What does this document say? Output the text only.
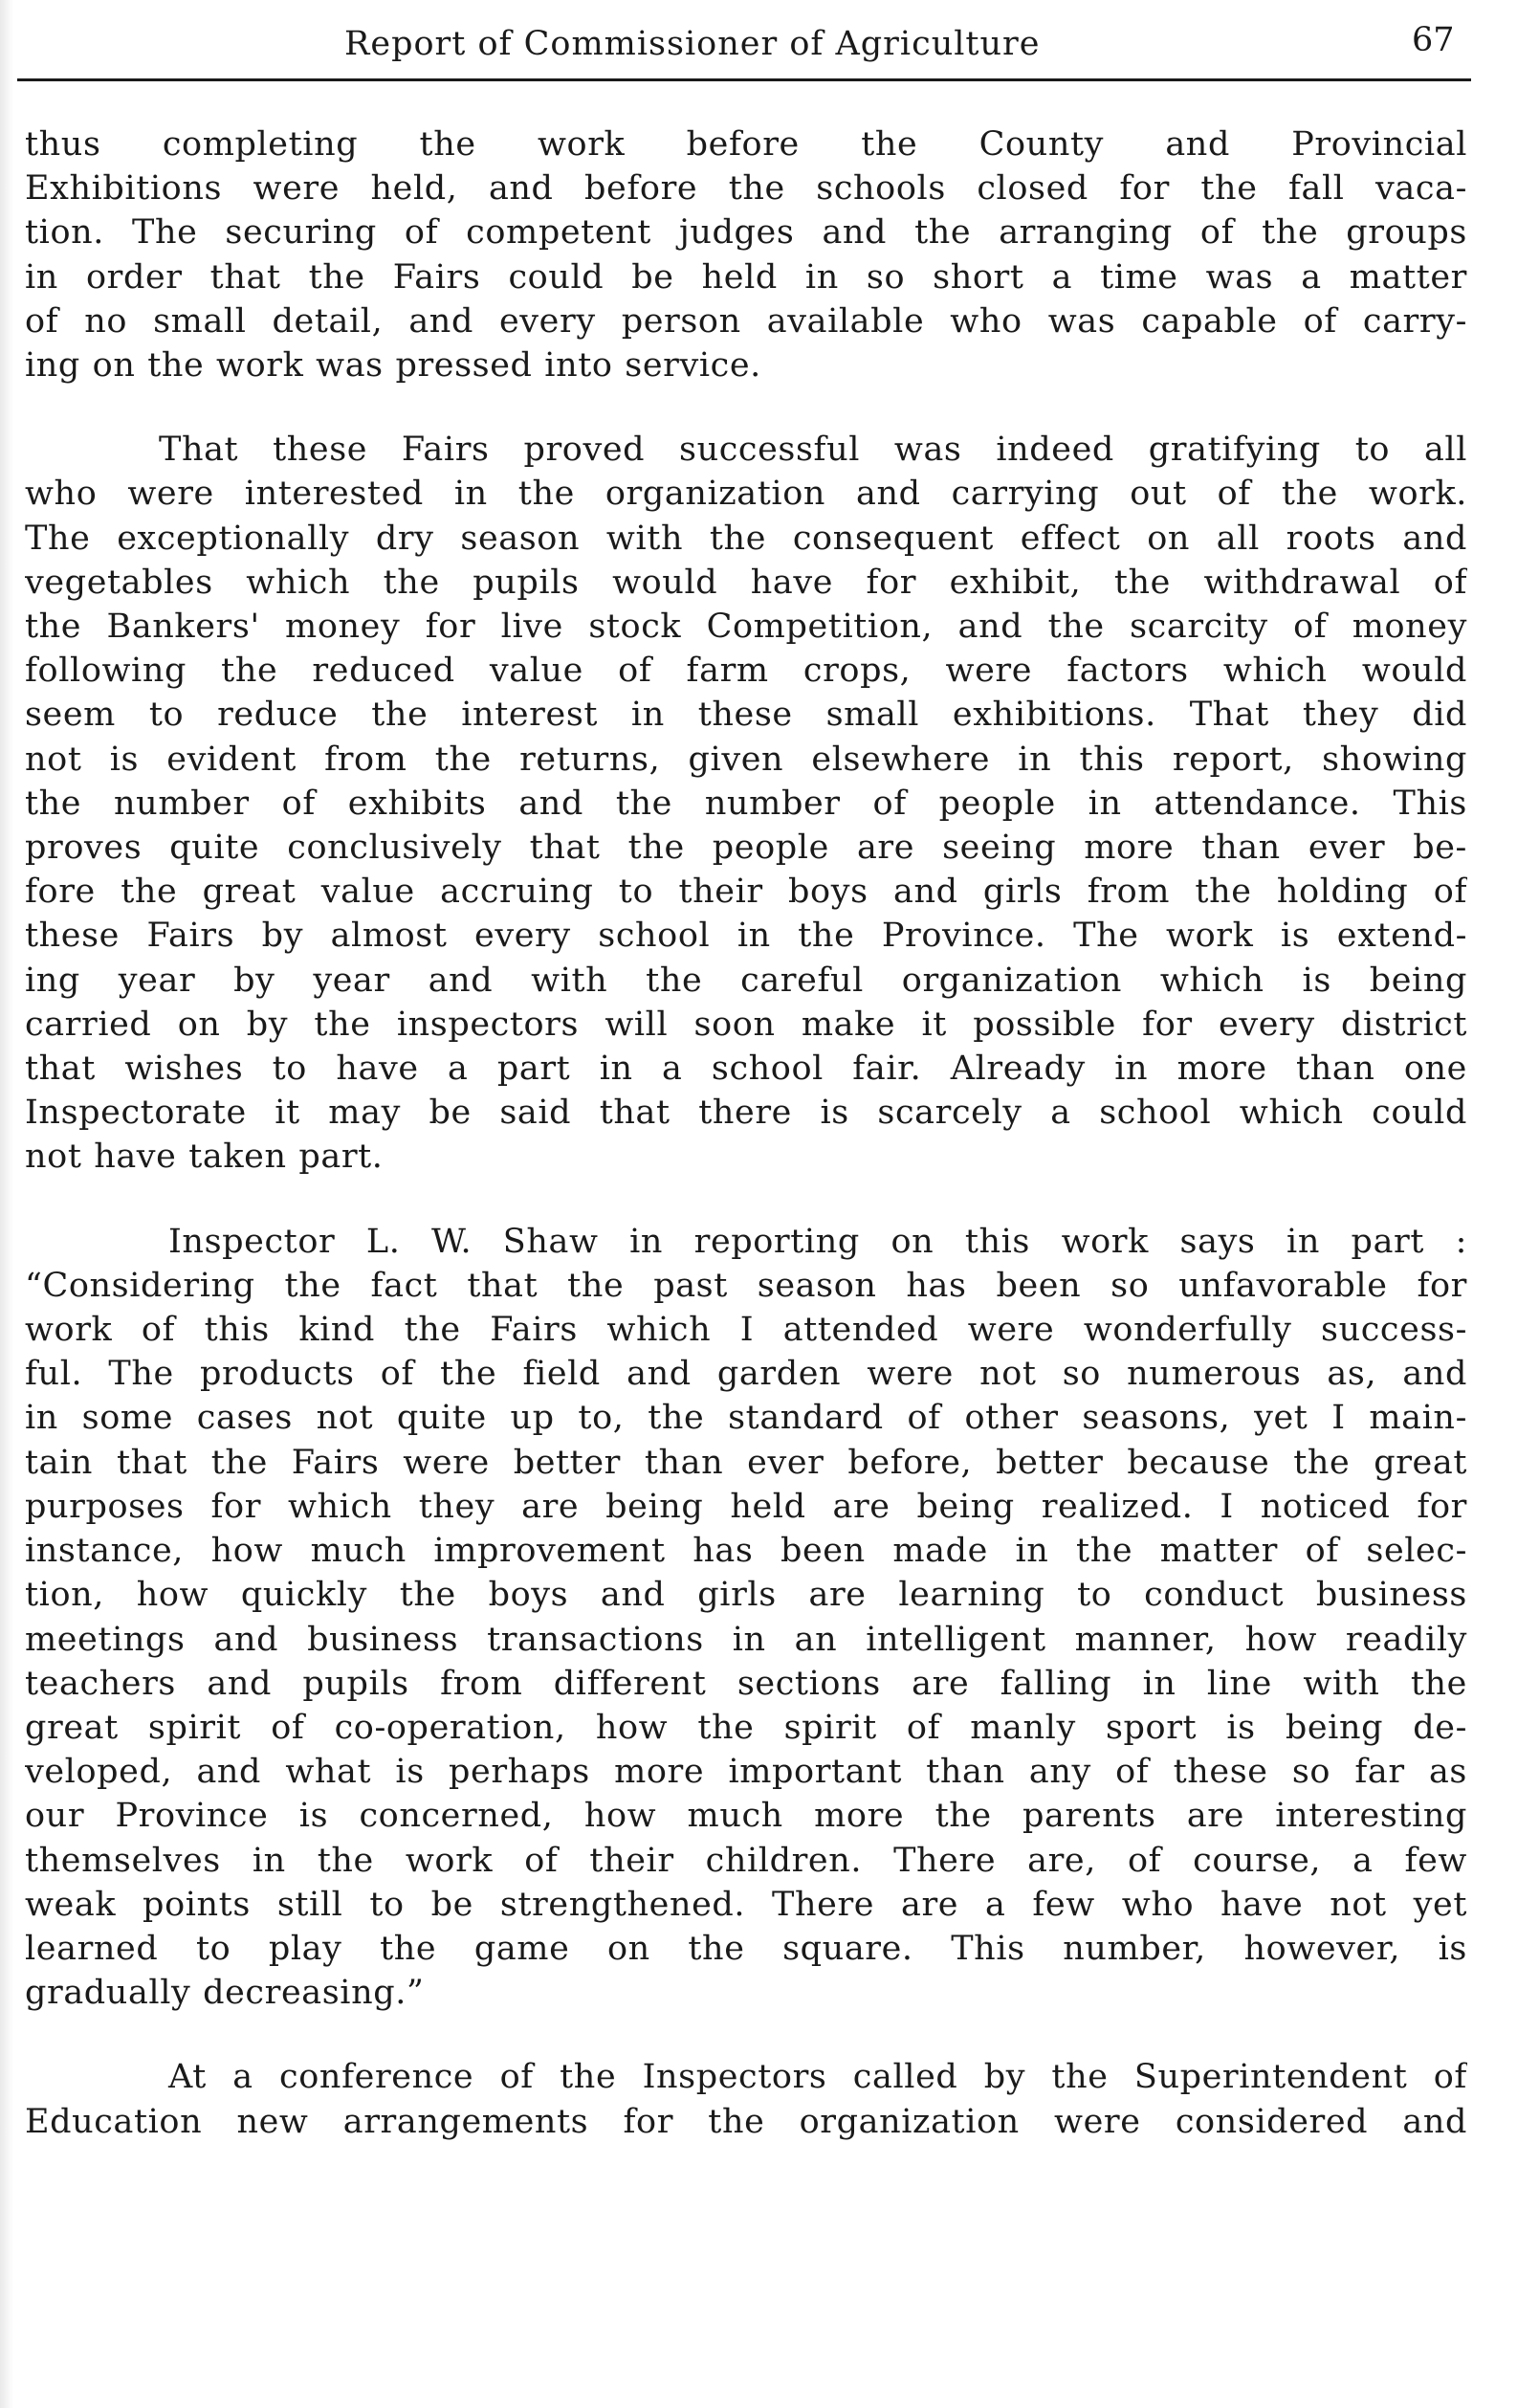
Report of Commissioner of Agriculture	67

thus completing the work before the County and Provincial
Exhibitions were held, and before the schools closed for the fall vaca-
tion. The securing of competent judges and the arranging of the groups
in order that the Fairs could be held in so short a time was a matter
of no small detail, and every person available who was capable of carry-
ing on the work was pressed into service.

That these Fairs proved successful was indeed gratifying to all
who were interested in the organization and carrying out of the work.
The exceptionally dry season with the consequent effect on all roots and
vegetables which the pupils would have for exhibit, the withdrawal of
the Bankers' money for live stock Competition, and the scarcity of money
following the reduced value of farm crops, were factors which would
seem to reduce the interest in these small exhibitions. That they did
not is evident from the returns, given elsewhere in this report, showing
the number of exhibits and the number of people in attendance. This
proves quite conclusively that the people are seeing more than ever be-
fore the great value accruing to their boys and girls from the holding of
these Fairs by almost every school in the Province. The work is extend-
ing year by year and with the careful organization which is being
carried on by the inspectors will soon make it possible for every district
that wishes to have a part in a school fair. Already in more than one
Inspectorate it may be said that there is scarcely a school which could
not have taken part.

Inspector L. W. Shaw in reporting on this work says in part :
“Considering the fact that the past season has been so unfavorable for
work of this kind the Fairs which I attended were wonderfully success-
ful. The products of the field and garden were not so numerous as, and
in some cases not quite up to, the standard of other seasons, yet I main-
tain that the Fairs were better than ever before, better because the great
purposes for which they are being held are being realized. I noticed for
instance, how much improvement has been made in the matter of selec-
tion, how quickly the boys and girls are learning to conduct business
meetings and business transactions in an intelligent manner, how readily
teachers and pupils from different sections are falling in line with the
great spirit of co-operation, how the spirit of manly sport is being de-
veloped, and what is perhaps more important than any of these so far as
our Province is concerned, how much more the parents are interesting
themselves in the work of their children. There are, of course, a few
weak points still to be strengthened. There are a few who have not yet
learned to play the game on the square. This number, however, is
gradually decreasing.”

At a conference of the Inspectors called by the Superintendent of
Education new arrangements for the organization were considered and
